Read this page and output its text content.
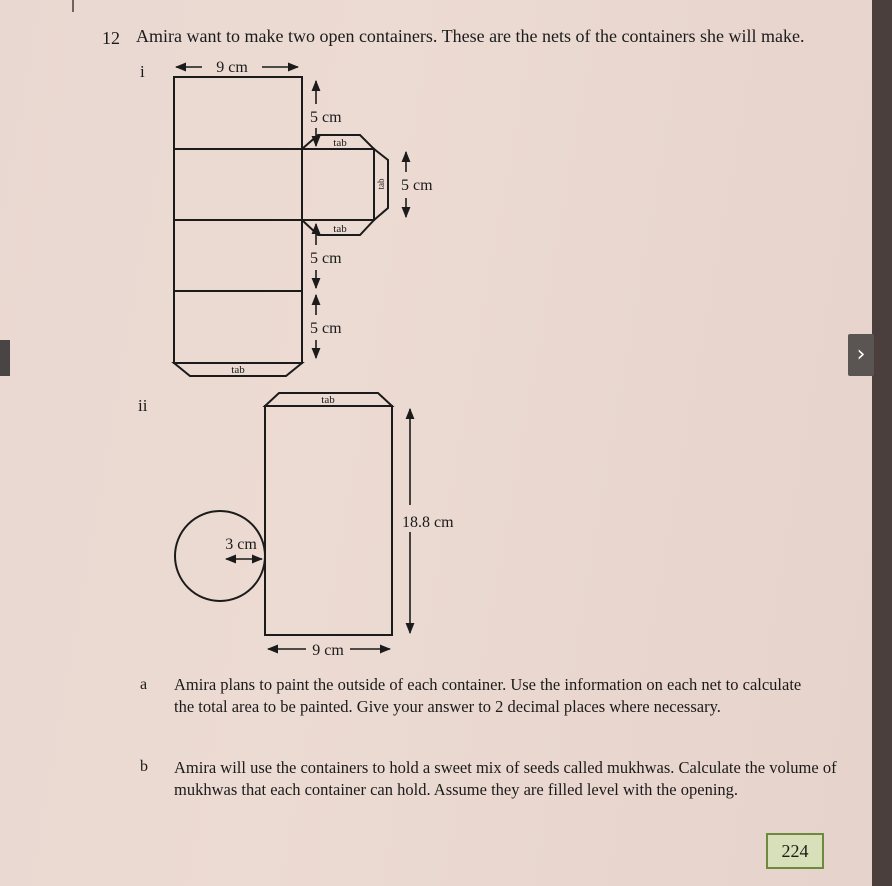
12 Amira want to make two open containers. These are the nets of the containers she will make.
i
ii
9 cm
5 cm
5 cm
5 cm
5 cm
tab
tab
tab
tab
tab
3 cm
18.8 cm
9 cm
a Amira plans to paint the outside of each container. Use the information on each net to calculate the total area to be painted. Give your answer to 2 decimal places where necessary.
b Amira will use the containers to hold a sweet mix of seeds called mukhwas. Calculate the volume of mukhwas that each container can hold. Assume they are filled level with the opening.
224
›
